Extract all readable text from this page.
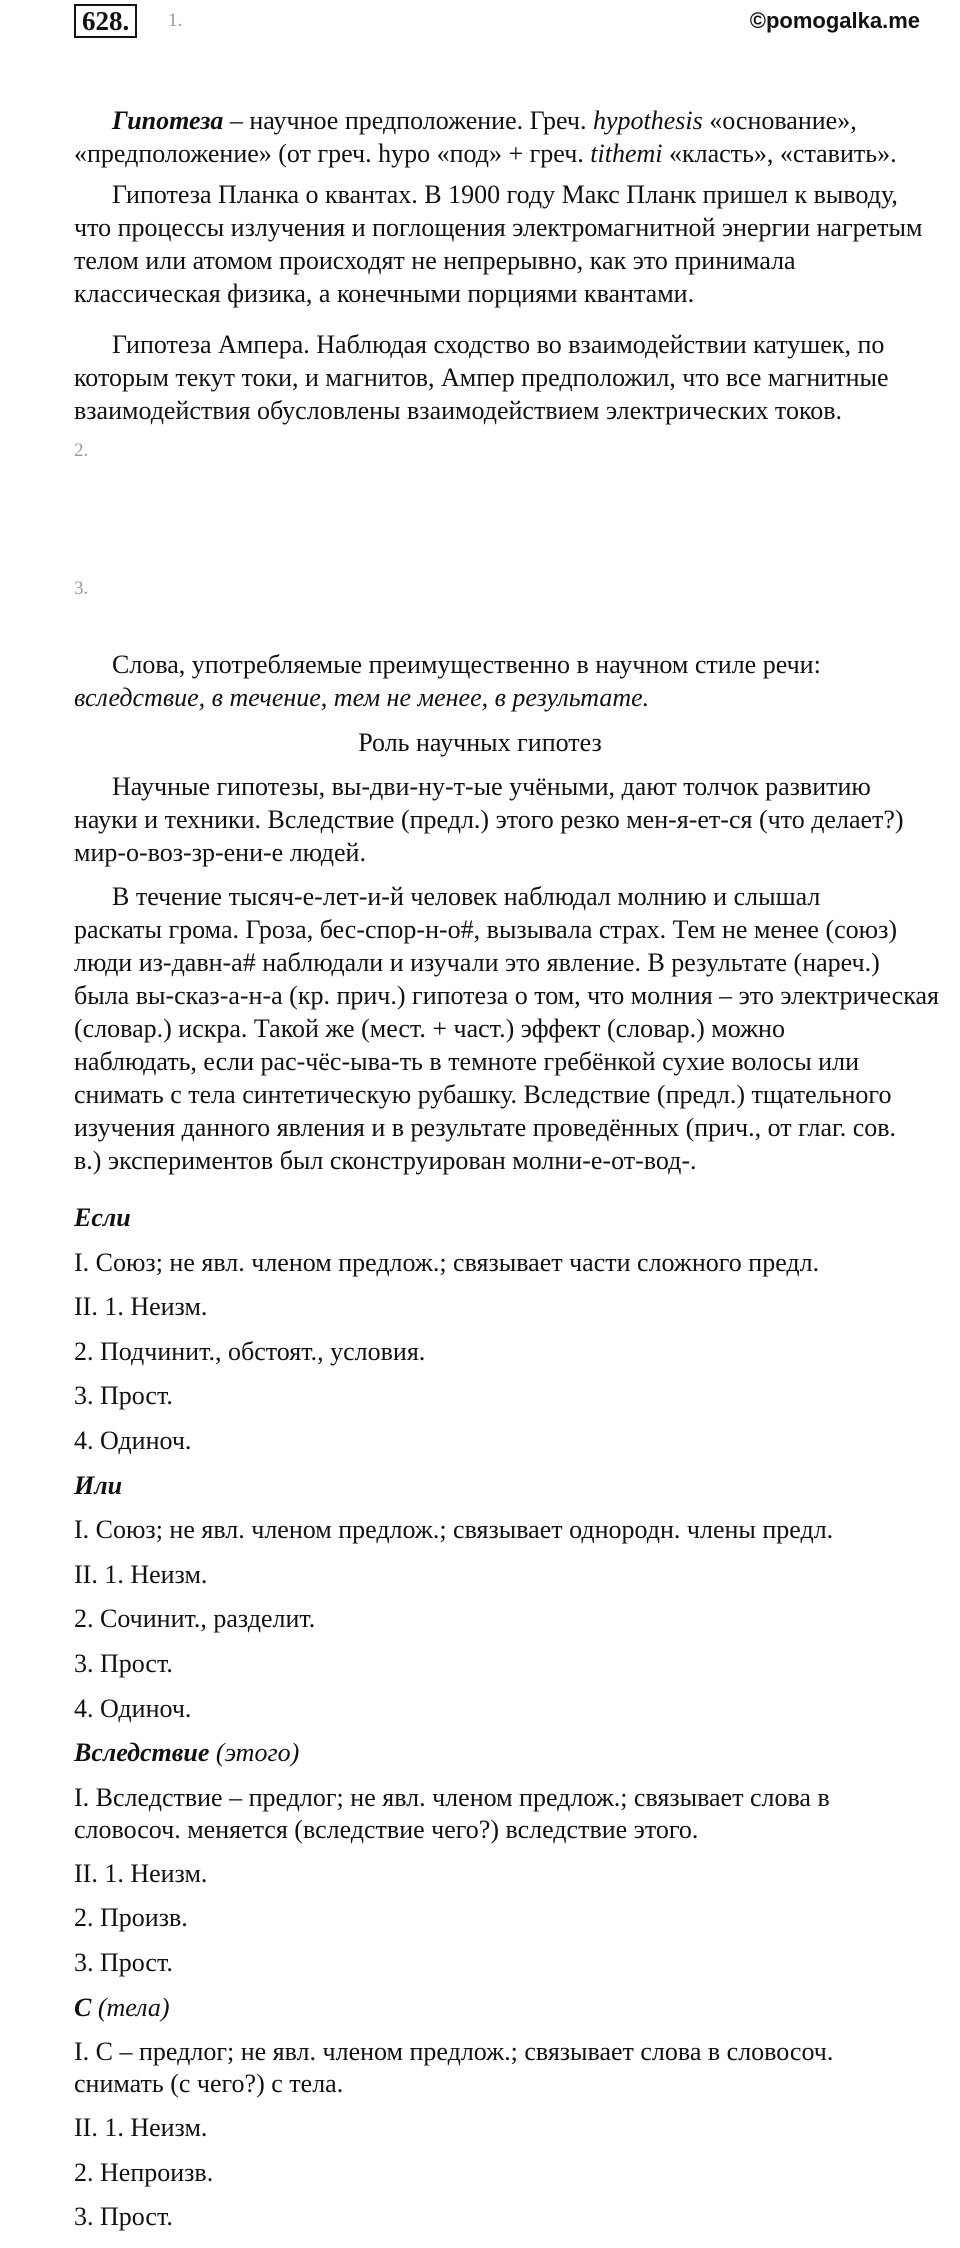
628.	1.	©pomogalka.me
Гипотеза – научное предположение. Греч. hypothesis «основание»,
«предположение» (от греч. hypo «под» + греч. tithemi «класть», «ставить».
Гипотеза Планка о квантах. В 1900 году Макс Планк пришел к выводу,
что процессы излучения и поглощения электромагнитной энергии нагретым
телом или атомом происходят не непрерывно, как это принимала
классическая физика, а конечными порциями квантами.
Гипотеза Ампера. Наблюдая сходство во взаимодействии катушек, по
которым текут токи, и магнитов, Ампер предположил, что все магнитные
взаимодействия обусловлены взаимодействием электрических токов.
2.
3.
Слова, употребляемые преимущественно в научном стиле речи:
вследствие, в течение, тем не менее, в результате.
Роль научных гипотез
Научные гипотезы, вы-дви-ну-т-ые учёными, дают толчок развитию
науки и техники. Вследствие (предл.) этого резко мен-я-ет-ся (что делает?)
мир-о-воз-зр-ени-е людей.
В течение тысяч-е-лет-и-й человек наблюдал молнию и слышал
раскаты грома. Гроза, бес-спор-н-о#, вызывала страх. Тем не менее (союз)
люди из-давн-а# наблюдали и изучали это явление. В результате (нареч.)
была вы-сказ-а-н-а (кр. прич.) гипотеза о том, что молния – это электрическая
(словар.) искра. Такой же (мест. + част.) эффект (словар.) можно
наблюдать, если рас-чёс-ыва-ть в темноте гребёнкой сухие волосы или
снимать с тела синтетическую рубашку. Вследствие (предл.) тщательного
изучения данного явления и в результате проведённых (прич., от глаг. сов.
в.) экспериментов был сконструирован молни-е-от-вод-.
Если
I. Союз; не явл. членом предлож.; связывает части сложного предл.
II. 1. Неизм.
2. Подчинит., обстоят., условия.
3. Прост.
4. Одиноч.
Или
I. Союз; не явл. членом предлож.; связывает однородн. члены предл.
II. 1. Неизм.
2. Сочинит., разделит.
3. Прост.
4. Одиноч.
Вследствие (этого)
I. Вследствие – предлог; не явл. членом предлож.; связывает слова в
словосоч. меняется (вследствие чего?) вследствие этого.
II. 1. Неизм.
2. Произв.
3. Прост.
С (тела)
I. С – предлог; не явл. членом предлож.; связывает слова в словосоч.
снимать (с чего?) с тела.
II. 1. Неизм.
2. Непроизв.
3. Прост.
